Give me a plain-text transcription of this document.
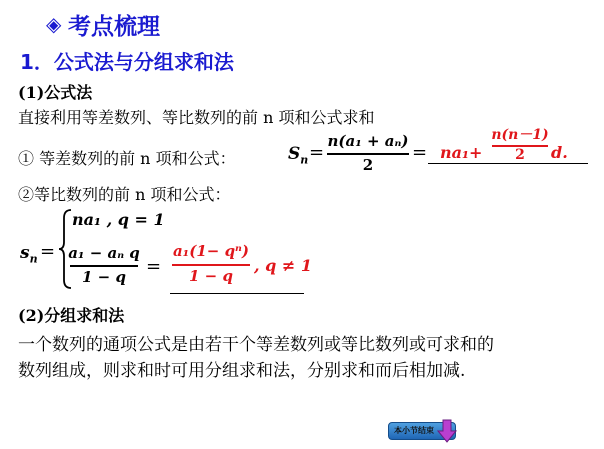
◈ 考点梳理
1．公式法与分组求和法
(1)公式法
直接利用等差数列、等比数列的前 n 项和公式求和
① 等差数列的前 n 项和公式：	$S_n$ =
n(a₁ + aₙ)
2
= na₁+
n(n－1)
2	d.
②等比数列的前 n 项和公式：
$s_n$ =
na₁ , q = 1
a₁ − aₙ q
1 − q	=
a₁(1− qⁿ)
1 − q
, q ≠ 1
(2)分组求和法
一个数列的通项公式是由若干个等差数列或等比数列或可求和的
数列组成，则求和时可用分组求和法，分别求和而后相加减.
本小节结束
